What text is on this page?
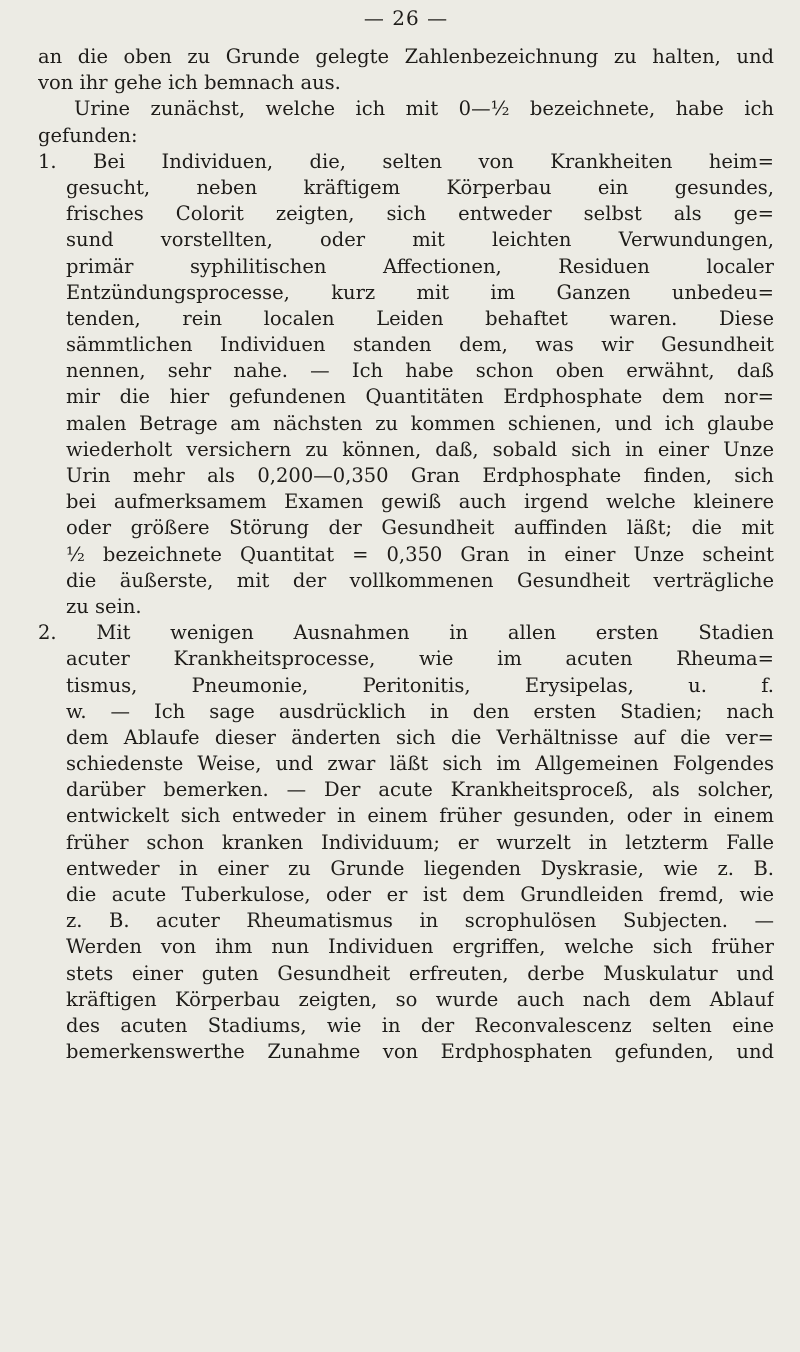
— 26 —
an die oben zu Grunde gelegte Zahlenbezeichnung zu halten, und
von ihr gehe ich bemnach aus.
Urine zunächst, welche ich mit 0—½ bezeichnete, habe ich
gefunden:
1. Bei Individuen, die, selten von Krankheiten heim=
gesucht, neben kräftigem Körperbau ein gesundes,
frisches Colorit zeigten, sich entweder selbst als ge=
sund vorstellten, oder mit leichten Verwundungen,
primär syphilitischen Affectionen, Residuen localer
Entzündungsprocesse, kurz mit im Ganzen unbedeu=
tenden, rein localen Leiden behaftet waren. Diese
sämmtlichen Individuen standen dem, was wir Gesundheit
nennen, sehr nahe. — Ich habe schon oben erwähnt, daß
mir die hier gefundenen Quantitäten Erdphosphate dem nor=
malen Betrage am nächsten zu kommen schienen, und ich glaube
wiederholt versichern zu können, daß, sobald sich in einer Unze
Urin mehr als 0,200—0,350 Gran Erdphosphate finden, sich
bei aufmerksamem Examen gewiß auch irgend welche kleinere
oder größere Störung der Gesundheit auffinden läßt; die mit
½ bezeichnete Quantitat = 0,350 Gran in einer Unze scheint
die äußerste, mit der vollkommenen Gesundheit verträgliche
zu sein.
2. Mit wenigen Ausnahmen in allen ersten Stadien
acuter Krankheitsprocesse, wie im acuten Rheuma=
tismus, Pneumonie, Peritonitis, Erysipelas, u. f.
w. — Ich sage ausdrücklich in den ersten Stadien; nach
dem Ablaufe dieser änderten sich die Verhältnisse auf die ver=
schiedenste Weise, und zwar läßt sich im Allgemeinen Folgendes
darüber bemerken. — Der acute Krankheitsproceß, als solcher,
entwickelt sich entweder in einem früher gesunden, oder in einem
früher schon kranken Individuum; er wurzelt in letzterm Falle
entweder in einer zu Grunde liegenden Dyskrasie, wie z. B.
die acute Tuberkulose, oder er ist dem Grundleiden fremd, wie
z. B. acuter Rheumatismus in scrophulösen Subjecten. —
Werden von ihm nun Individuen ergriffen, welche sich früher
stets einer guten Gesundheit erfreuten, derbe Muskulatur und
kräftigen Körperbau zeigten, so wurde auch nach dem Ablauf
des acuten Stadiums, wie in der Reconvalescenz selten eine
bemerkenswerthe Zunahme von Erdphosphaten gefunden, und
